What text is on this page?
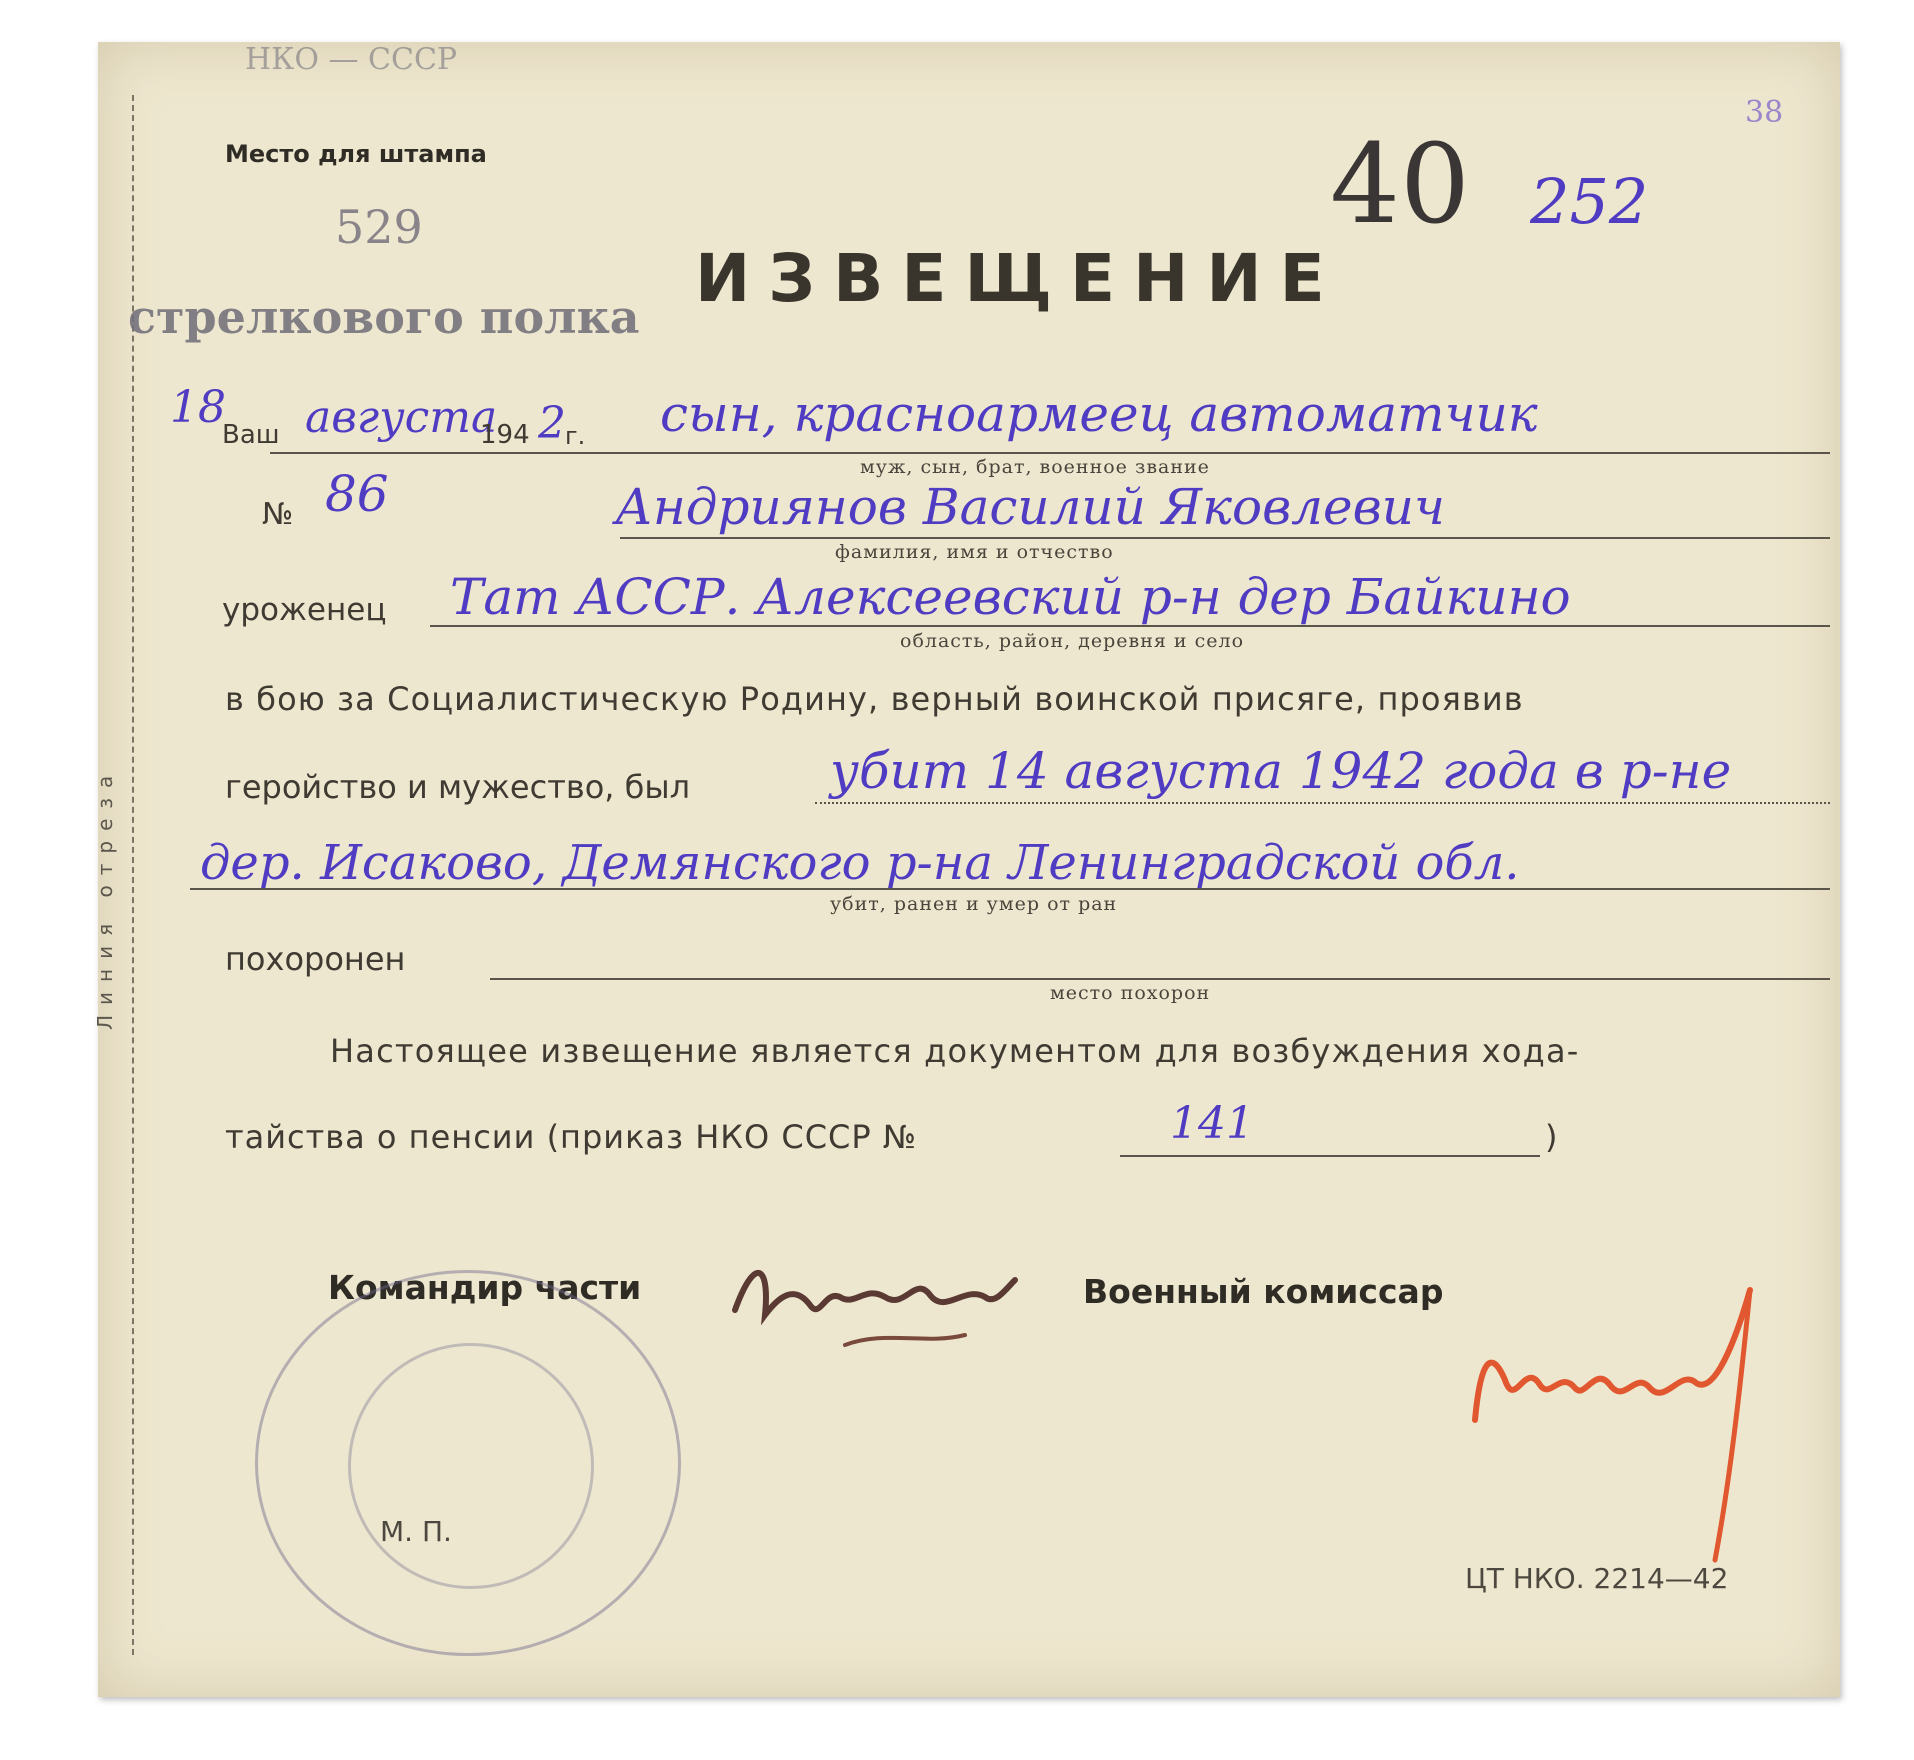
Линия отреза
НКО — СССР
Место для штампа
529
стрелкового полка
38
40 252
ИЗВЕЩЕНИЕ
18
Ваш августа
194 2 г. сын, красноармеец автоматчик
муж, сын, брат, военное звание
№ 86	Андриянов Василий Яковлевич
фамилия, имя и отчество
уроженец Тат АССР. Алексеевский р-н дер Байкино
область, район, деревня и село
в бою за Социалистическую Родину, верный воинской присяге, проявив
геройство и мужество, был	убит 14 августа 1942 года в р-не
дер. Исаково, Демянского р-на Ленинградской обл.
убит, ранен и умер от ран
похоронен
место похорон
Настоящее извещение является документом для возбуждения хода-
тайства о пенсии (приказ НКО СССР №	141	)
Командир части	Военный комиссар
М. П.
ЦТ НКО. 2214—42
